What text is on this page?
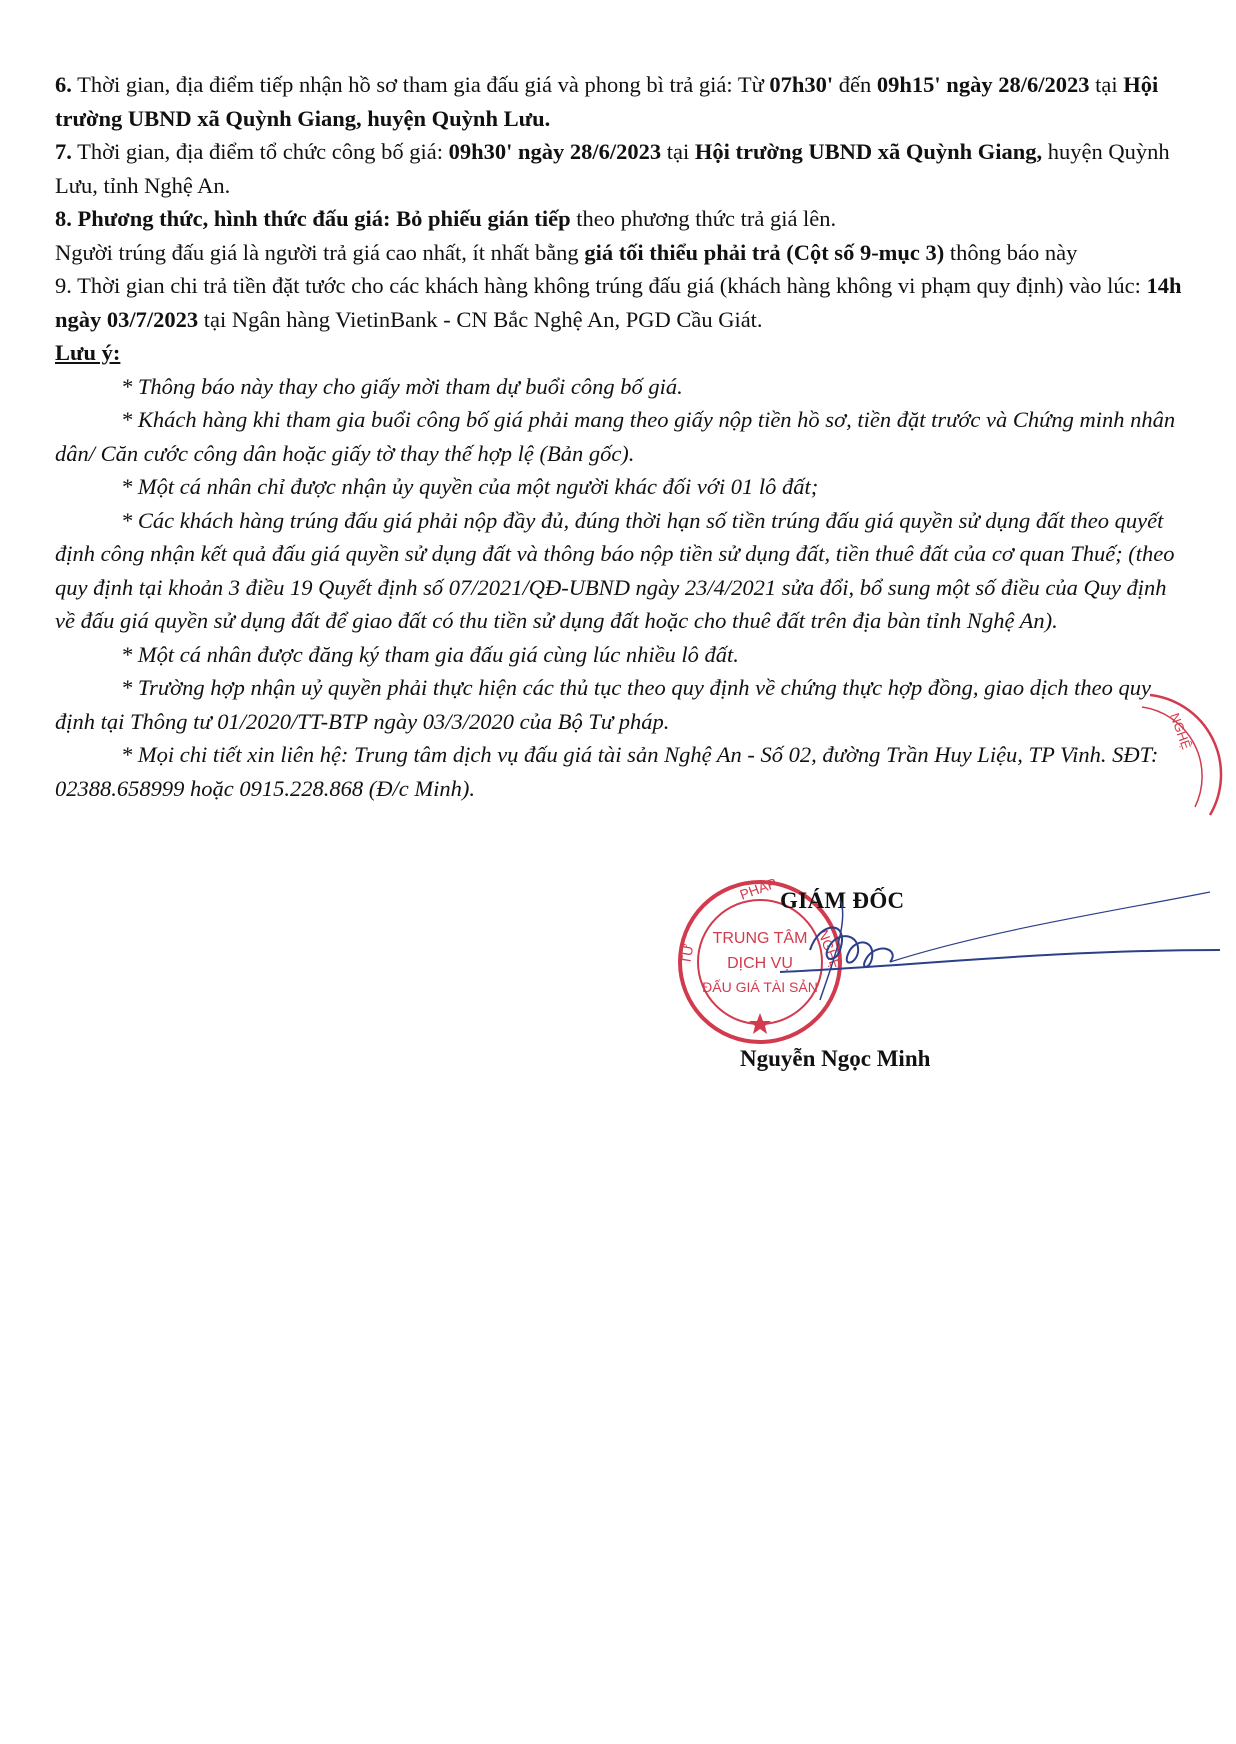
6. Thời gian, địa điểm tiếp nhận hồ sơ tham gia đấu giá và phong bì trả giá: Từ 07h30' đến 09h15' ngày 28/6/2023 tại Hội trường UBND xã Quỳnh Giang, huyện Quỳnh Lưu.

7. Thời gian, địa điểm tổ chức công bố giá: 09h30' ngày 28/6/2023 tại Hội trường UBND xã Quỳnh Giang, huyện Quỳnh Lưu, tỉnh Nghệ An.

8. Phương thức, hình thức đấu giá: Bỏ phiếu gián tiếp theo phương thức trả giá lên.

Người trúng đấu giá là người trả giá cao nhất, ít nhất bằng giá tối thiểu phải trả (Cột số 9-mục 3) thông báo này

9. Thời gian chi trả tiền đặt tước cho các khách hàng không trúng đấu giá (khách hàng không vi phạm quy định) vào lúc: 14h ngày 03/7/2023 tại Ngân hàng VietinBank - CN Bắc Nghệ An, PGD Cầu Giát.

Lưu ý:

* Thông báo này thay cho giấy mời tham dự buổi công bố giá.

* Khách hàng khi tham gia buổi công bố giá phải mang theo giấy nộp tiền hồ sơ, tiền đặt trước và Chứng minh nhân dân/ Căn cước công dân hoặc giấy tờ thay thế hợp lệ (Bản gốc).

* Một cá nhân chỉ được nhận ủy quyền của một người khác đối với 01 lô đất;

* Các khách hàng trúng đấu giá phải nộp đầy đủ, đúng thời hạn số tiền trúng đấu giá quyền sử dụng đất theo quyết định công nhận kết quả đấu giá quyền sử dụng đất và thông báo nộp tiền sử dụng đất, tiền thuê đất của cơ quan Thuế; (theo quy định tại khoản 3 điều 19 Quyết định số 07/2021/QĐ-UBND ngày 23/4/2021 sửa đổi, bổ sung một số điều của Quy định về đấu giá quyền sử dụng đất để giao đất có thu tiền sử dụng đất hoặc cho thuê đất trên địa bàn tỉnh Nghệ An).

* Một cá nhân được đăng ký tham gia đấu giá cùng lúc nhiều lô đất.

* Trường hợp nhận uỷ quyền phải thực hiện các thủ tục theo quy định về chứng thực hợp đồng, giao dịch theo quy định tại Thông tư 01/2020/TT-BTP ngày 03/3/2020 của Bộ Tư pháp.

* Mọi chi tiết xin liên hệ: Trung tâm dịch vụ đấu giá tài sản Nghệ An - Số 02, đường Trần Huy Liệu, TP Vinh. SĐT: 02388.658999 hoặc 0915.228.868 (Đ/c Minh).

NGHỆ
PHÁP
TƯ	NGHỆ
TRUNG TÂM
DỊCH VỤ
ĐẤU GIÁ TÀI SẢN
GIÁM ĐỐC
Nguyễn Ngọc Minh
